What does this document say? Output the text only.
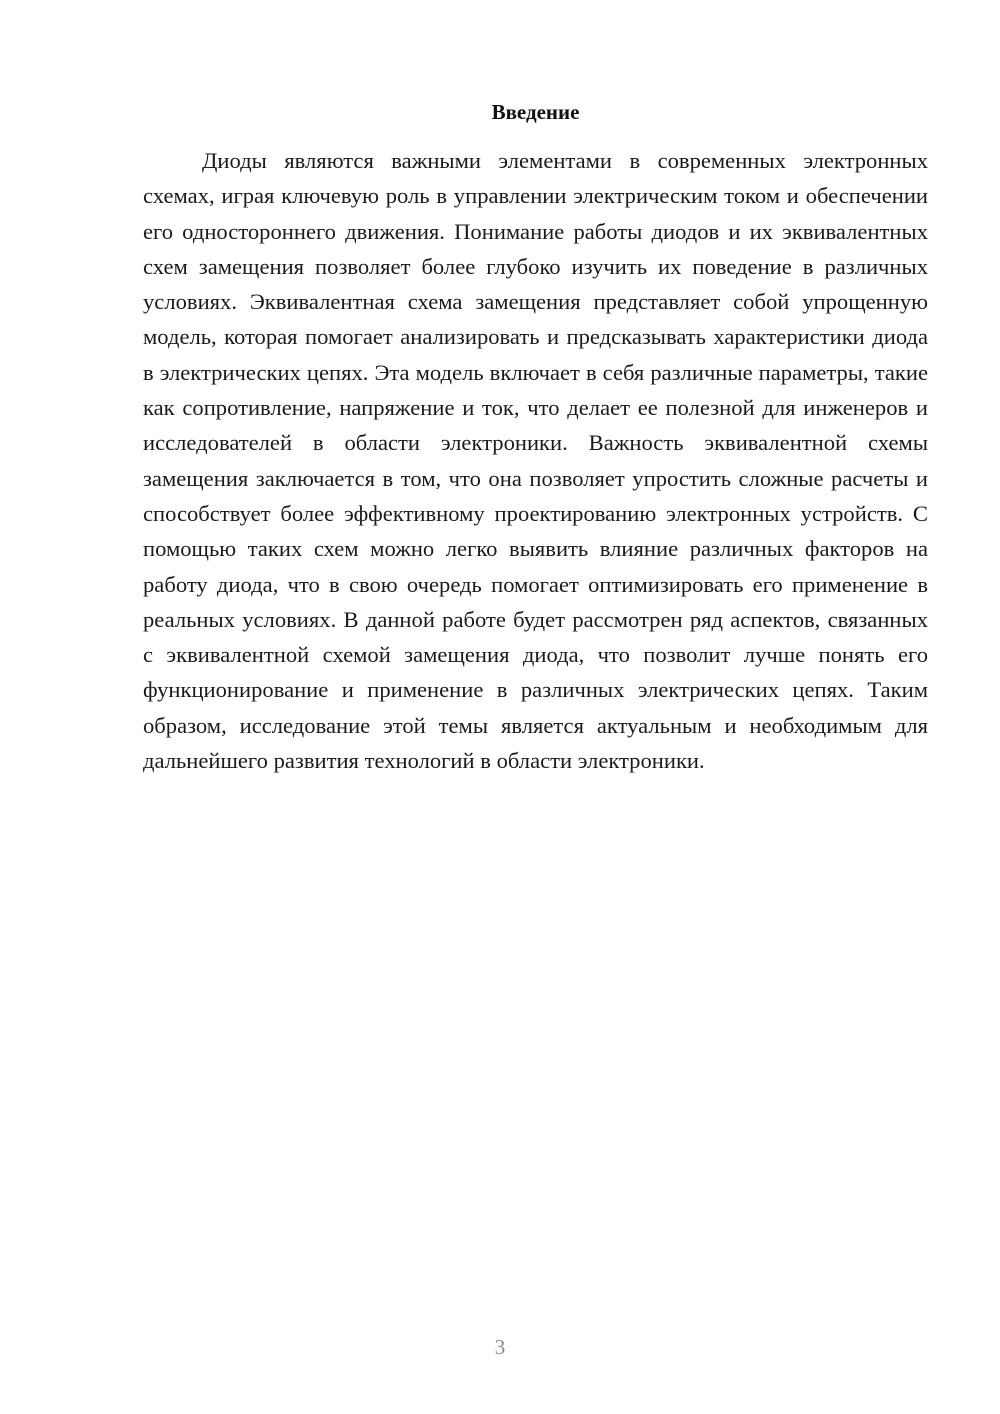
Введение

Диоды являются важными элементами в современных электронных схемах, играя ключевую роль в управлении электрическим током и обеспечении его одностороннего движения. Понимание работы диодов и их эквивалентных схем замещения позволяет более глубоко изучить их поведение в различных условиях. Эквивалентная схема замещения представляет собой упрощенную модель, которая помогает анализировать и предсказывать характеристики диода в электрических цепях. Эта модель включает в себя различные параметры, такие как сопротивление, напряжение и ток, что делает ее полезной для инженеров и исследователей в области электроники. Важность эквивалентной схемы замещения заключается в том, что она позволяет упростить сложные расчеты и способствует более эффективному проектированию электронных устройств. С помощью таких схем можно легко выявить влияние различных факторов на работу диода, что в свою очередь помогает оптимизировать его применение в реальных условиях. В данной работе будет рассмотрен ряд аспектов, связанных с эквивалентной схемой замещения диода, что позволит лучше понять его функционирование и применение в различных электрических цепях. Таким образом, исследование этой темы является актуальным и необходимым для дальнейшего развития технологий в области электроники.

3
